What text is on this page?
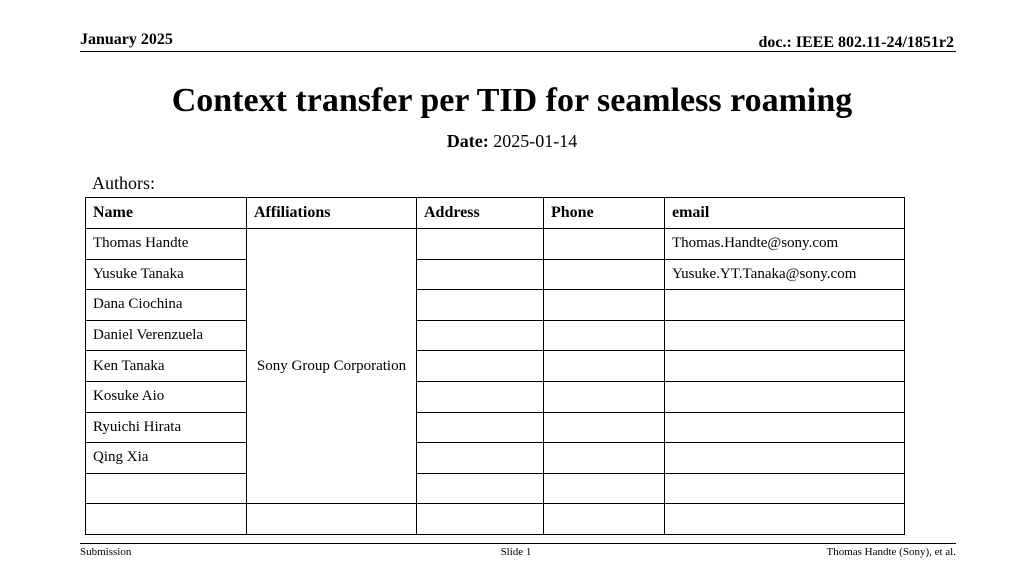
January 2025	doc.: IEEE 802.11-24/1851r2
Context transfer per TID for seamless roaming
Date: 2025-01-14
Authors:
Name	Affiliations	Address	Phone	email
Thomas Handte	Sony Group Corporation			Thomas.Handte@sony.com
Yusuke Tanaka				Yusuke.YT.Tanaka@sony.com
Dana Ciochina				
Daniel Verenzuela				
Ken Tanaka				
Kosuke Aio				
Ryuichi Hirata				
Qing Xia				

Submission	Slide 1	Thomas Handte (Sony), et al.
